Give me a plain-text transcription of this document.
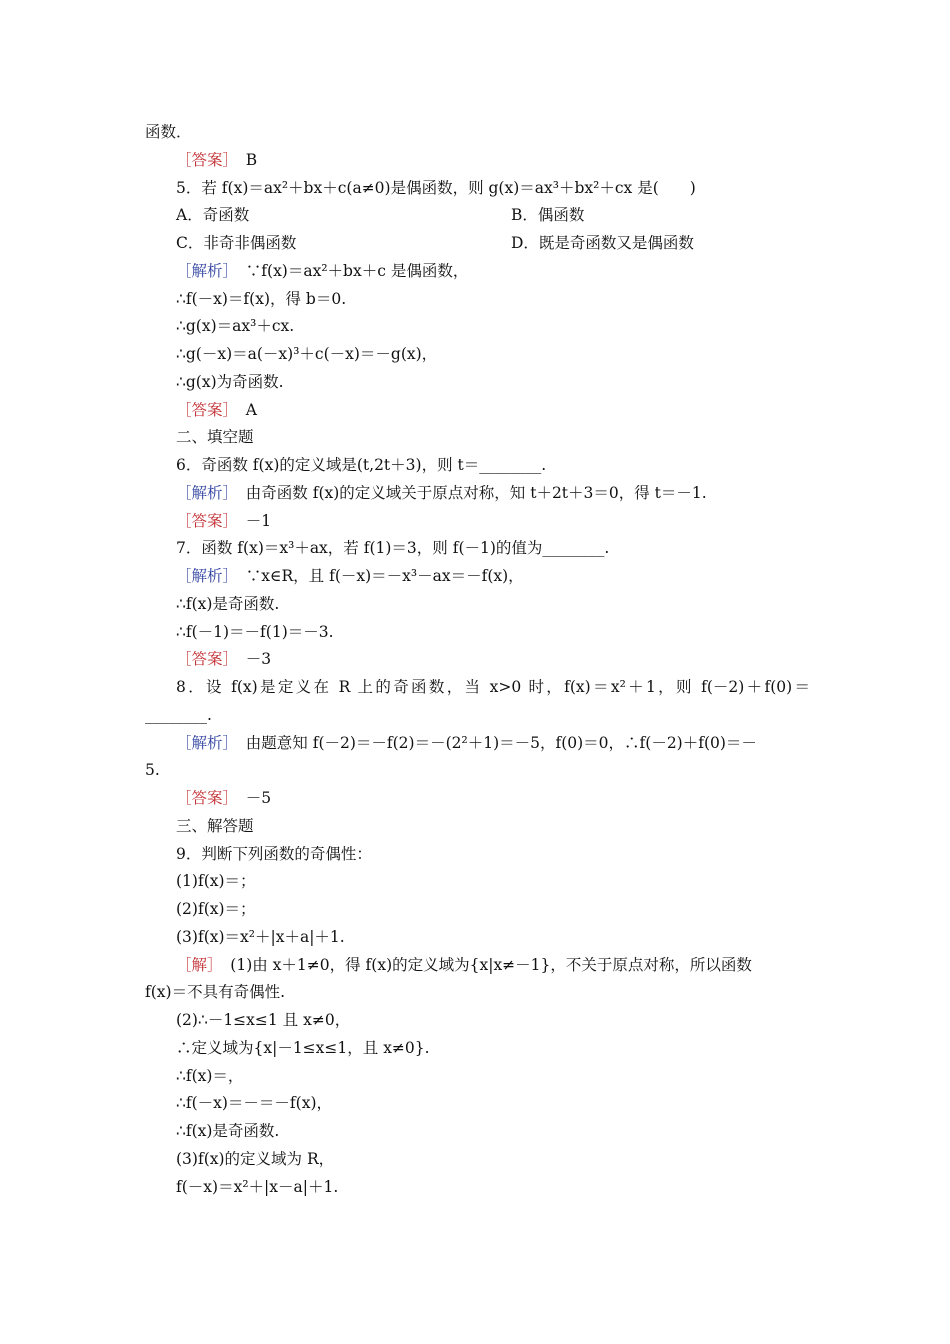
函数．
［答案］　 B
5．若 f(x)＝ax²＋bx＋c(a≠0)是偶函数，则 g(x)＝ax³＋bx²＋cx 是(　　)
A．奇函数	B．偶函数
C．非奇非偶函数	D．既是奇函数又是偶函数
［解析］　 ∵f(x)＝ax²＋bx＋c 是偶函数，
∴f(－x)＝f(x)，得 b＝0.
∴g(x)＝ax³＋cx.
∴g(－x)＝a(－x)³＋c(－x)＝－g(x)，
∴g(x)为奇函数.
［答案］　 A
二、填空题
6．奇函数 f(x)的定义域是(t,2t＋3)，则 t＝________.
［解析］　 由奇函数 f(x)的定义域关于原点对称，知 t＋2t＋3＝0，得 t＝－1.
［答案］　 －1
7．函数 f(x)＝x³＋ax，若 f(1)＝3，则 f(－1)的值为________.
［解析］　 ∵x∈R，且 f(－x)＝－x³－ax＝－f(x)，
∴f(x)是奇函数.
∴f(－1)＝－f(1)＝－3.
［答案］　 －3
8．设 f(x)是定义在 R 上的奇函数，当 x>0 时，f(x)＝x²＋1，则 f(－2)＋f(0)＝
________.
［解析］　 由题意知 f(－2)＝－f(2)＝－(2²＋1)＝－5，f(0)＝0，∴f(－2)＋f(0)＝－
5.
［答案］　 －5
三、解答题
9．判断下列函数的奇偶性：
(1)f(x)＝；
(2)f(x)＝；
(3)f(x)＝x²＋|x＋a|＋1.
［解］　 (1)由 x＋1≠0，得 f(x)的定义域为{x|x≠－1}，不关于原点对称，所以函数
f(x)＝不具有奇偶性.
(2)∴－1≤x≤1 且 x≠0，
∴定义域为{x|－1≤x≤1，且 x≠0}.
∴f(x)＝，
∴f(－x)＝－＝－f(x)，
∴f(x)是奇函数.
(3)f(x)的定义域为 R，
f(－x)＝x²＋|x－a|＋1.
